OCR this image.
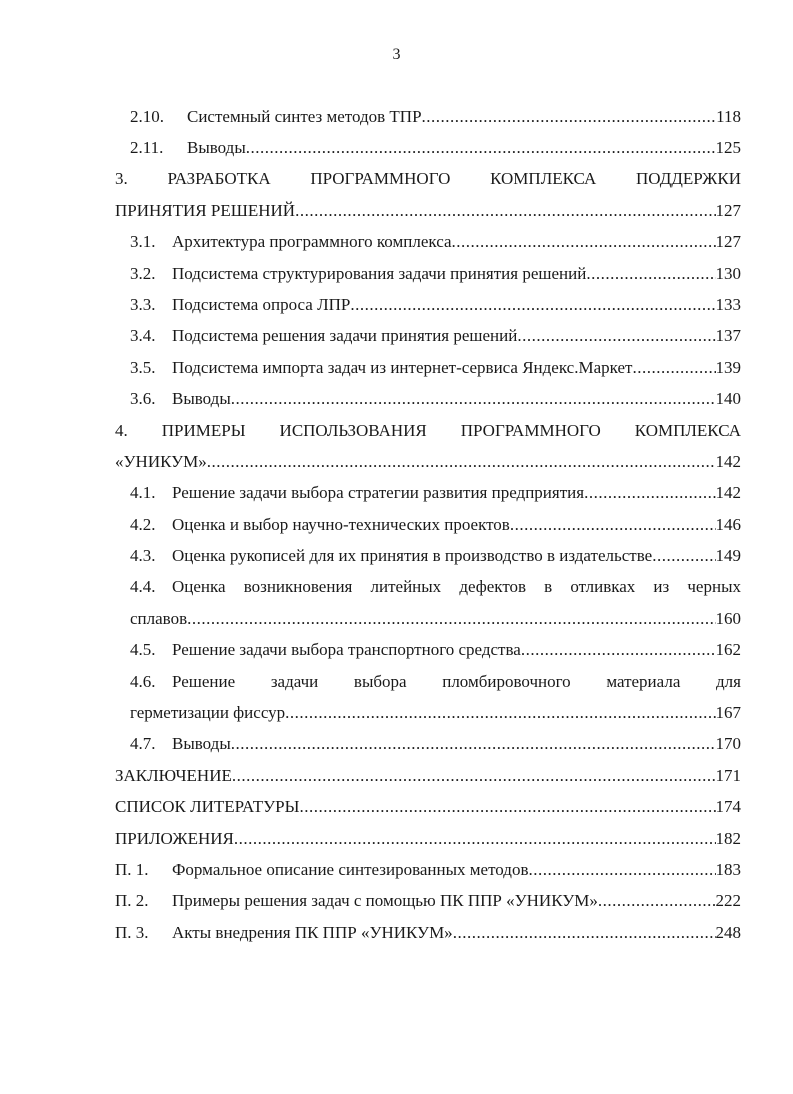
3
2.10.	Системный синтез методов ТПР .....	118
2.11.	Выводы .....	125
3. РАЗРАБОТКА ПРОГРАММНОГО КОМПЛЕКСА ПОДДЕРЖКИ
ПРИНЯТИЯ РЕШЕНИЙ .....	127
3.1. Архитектура программного комплекса .....	127
3.2. Подсистема структурирования задачи принятия решений .....	130
3.3. Подсистема опроса ЛПР .....	133
3.4. Подсистема решения задачи принятия решений .....	137
3.5. Подсистема импорта задач из интернет-сервиса Яндекс.Маркет .....	139
3.6. Выводы .....	140
4. ПРИМЕРЫ ИСПОЛЬЗОВАНИЯ ПРОГРАММНОГО КОМПЛЕКСА
«УНИКУМ» .....	142
4.1. Решение задачи выбора стратегии развития предприятия .....	142
4.2. Оценка и выбор научно-технических проектов .....	146
4.3. Оценка рукописей для их принятия в производство в издательстве .....	149
4.4. Оценка возникновения литейных дефектов в отливках из черных
сплавов .....	160
4.5. Решение задачи выбора транспортного средства .....	162
4.6. Решение задачи выбора пломбировочного материала для
герметизации фиссур .....	167
4.7. Выводы .....	170
ЗАКЛЮЧЕНИЕ .....	171
СПИСОК ЛИТЕРАТУРЫ .....	174
ПРИЛОЖЕНИЯ .....	182
П. 1.	Формальное описание синтезированных методов .....	183
П. 2.	Примеры решения задач с помощью ПК ППР «УНИКУМ» .....	222
П. 3.	Акты внедрения ПК ППР «УНИКУМ» .....	248
